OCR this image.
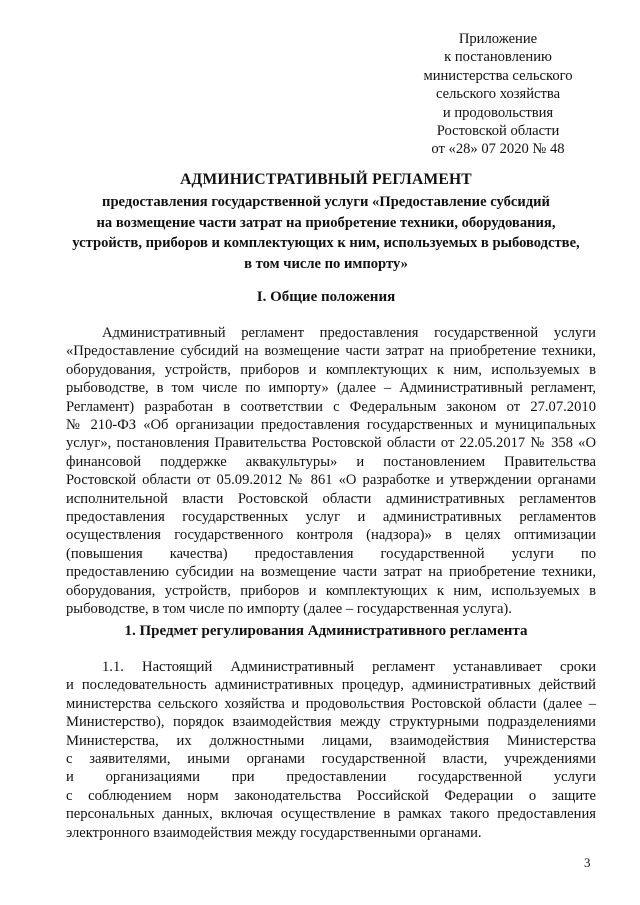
Приложение
к постановлению
министерства сельского
сельского хозяйства
и продовольствия
Ростовской области
от «28» 07 2020 № 48
АДМИНИСТРАТИВНЫЙ РЕГЛАМЕНТ
предоставления государственной услуги «Предоставление субсидий
на возмещение части затрат на приобретение техники, оборудования,
устройств, приборов и комплектующих к ним, используемых в рыбоводстве,
в том числе по импорту»
I. Общие положения
Административный регламент предоставления государственной услуги
«Предоставление субсидий на возмещение части затрат на приобретение техники,
оборудования, устройств, приборов и комплектующих к ним, используемых в
рыбоводстве, в том числе по импорту» (далее – Административный регламент,
Регламент) разработан в соответствии с Федеральным законом от 27.07.2010
№ 210-ФЗ «Об организации предоставления государственных и муниципальных
услуг», постановления Правительства Ростовской области от 22.05.2017 № 358 «О
финансовой поддержке аквакультуры» и постановлением Правительства
Ростовской области от 05.09.2012 № 861 «О разработке и утверждении органами
исполнительной власти Ростовской области административных регламентов
предоставления государственных услуг и административных регламентов
осуществления государственного контроля (надзора)» в целях оптимизации
(повышения качества) предоставления государственной услуги по
предоставлению субсидии на возмещение части затрат на приобретение техники,
оборудования, устройств, приборов и комплектующих к ним, используемых в
рыбоводстве, в том числе по импорту (далее – государственная услуга).
1. Предмет регулирования Административного регламента
1.1. Настоящий Административный регламент устанавливает сроки
и последовательность административных процедур, административных действий
министерства сельского хозяйства и продовольствия Ростовской области (далее –
Министерство), порядок взаимодействия между структурными подразделениями
Министерства, их должностными лицами, взаимодействия Министерства
с заявителями, иными органами государственной власти, учреждениями
и организациями при предоставлении государственной услуги
с соблюдением норм законодательства Российской Федерации о защите
персональных данных, включая осуществление в рамках такого предоставления
электронного взаимодействия между государственными органами.
3
